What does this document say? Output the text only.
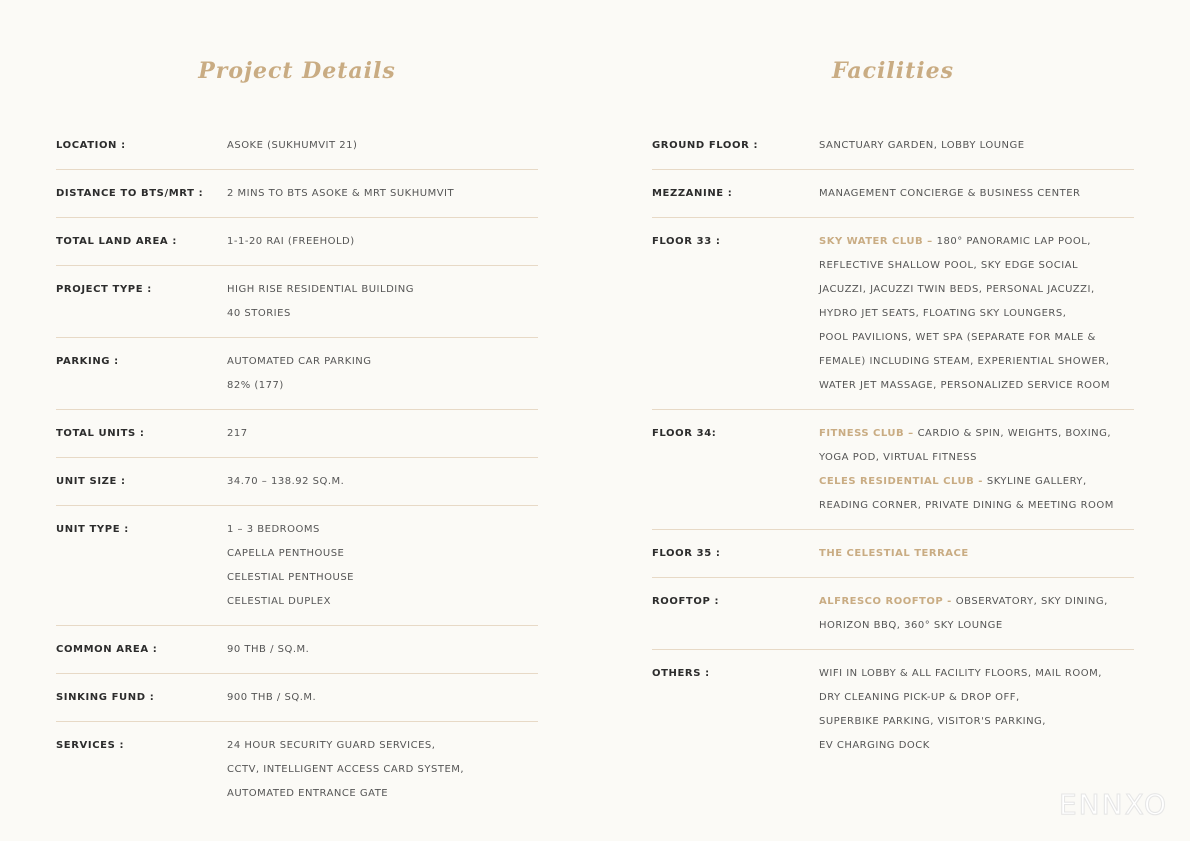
Project Details	Facilities
LOCATION :	ASOKE (SUKHUMVIT 21)
DISTANCE TO BTS/MRT :	2 MINS TO BTS ASOKE & MRT SUKHUMVIT
TOTAL LAND AREA :	1-1-20 RAI (FREEHOLD)
PROJECT TYPE :	HIGH RISE RESIDENTIAL BUILDING
40 STORIES
PARKING :	AUTOMATED CAR PARKING
82% (177)
TOTAL UNITS :	217
UNIT SIZE :	34.70 – 138.92 SQ.M.
UNIT TYPE :	1 – 3 BEDROOMS
CAPELLA PENTHOUSE
CELESTIAL PENTHOUSE
CELESTIAL DUPLEX
COMMON AREA :	90 THB / SQ.M.
SINKING FUND :	900 THB / SQ.M.
SERVICES :	24 HOUR SECURITY GUARD SERVICES,
CCTV, INTELLIGENT ACCESS CARD SYSTEM,
AUTOMATED ENTRANCE GATE
GROUND FLOOR :	SANCTUARY GARDEN, LOBBY LOUNGE
MEZZANINE :	MANAGEMENT CONCIERGE & BUSINESS CENTER
FLOOR 33 :	SKY WATER CLUB – 180° PANORAMIC LAP POOL,
REFLECTIVE SHALLOW POOL, SKY EDGE SOCIAL
JACUZZI, JACUZZI TWIN BEDS, PERSONAL JACUZZI,
HYDRO JET SEATS, FLOATING SKY LOUNGERS,
POOL PAVILIONS, WET SPA (SEPARATE FOR MALE &
FEMALE) INCLUDING STEAM, EXPERIENTIAL SHOWER,
WATER JET MASSAGE, PERSONALIZED SERVICE ROOM
FLOOR 34:	FITNESS CLUB – CARDIO & SPIN, WEIGHTS, BOXING,
YOGA POD, VIRTUAL FITNESS
CELES RESIDENTIAL CLUB - SKYLINE GALLERY,
READING CORNER, PRIVATE DINING & MEETING ROOM
FLOOR 35 :	THE CELESTIAL TERRACE
ROOFTOP :	ALFRESCO ROOFTOP - OBSERVATORY, SKY DINING,
HORIZON BBQ, 360° SKY LOUNGE
OTHERS :	WIFI IN LOBBY & ALL FACILITY FLOORS, MAIL ROOM,
DRY CLEANING PICK-UP & DROP OFF,
SUPERBIKE PARKING, VISITOR'S PARKING,
EV CHARGING DOCK
ENNXO
